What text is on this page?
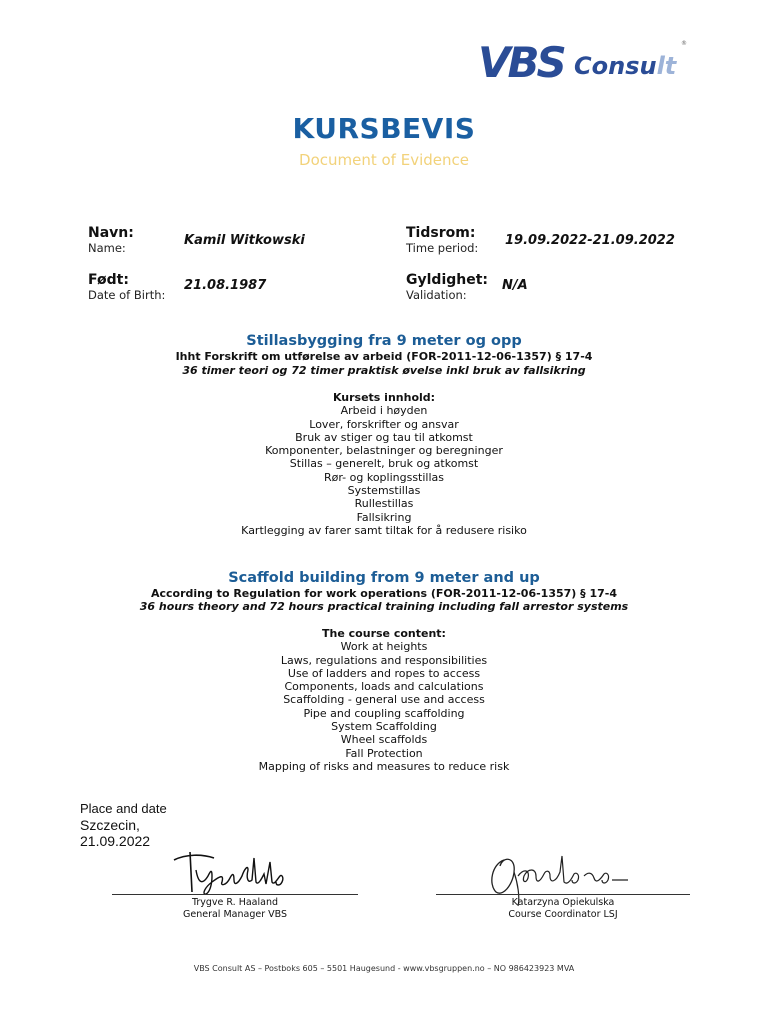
VBS Consult
®
KURSBEVIS
Document of Evidence
Navn:
Name:	Kamil Witkowski
Født:
Date of Birth:
21.08.1987
Tidsrom:
Time period: 19.09.2022-21.09.2022
Gyldighet:
Validation:
N/A
Stillasbygging fra 9 meter og opp
Ihht Forskrift om utførelse av arbeid (FOR-2011-12-06-1357) § 17-4
36 timer teori og 72 timer praktisk øvelse inkl bruk av fallsikring
Kursets innhold:
Arbeid i høyden
Lover, forskrifter og ansvar
Bruk av stiger og tau til atkomst
Komponenter, belastninger og beregninger
Stillas – generelt, bruk og atkomst
Rør- og koplingsstillas
Systemstillas
Rullestillas
Fallsikring
Kartlegging av farer samt tiltak for å redusere risiko
Scaffold building from 9 meter and up
According to Regulation for work operations (FOR-2011-12-06-1357) § 17-4
36 hours theory and 72 hours practical training including fall arrestor systems
The course content:
Work at heights
Laws, regulations and responsibilities
Use of ladders and ropes to access
Components, loads and calculations
Scaffolding - general use and access
Pipe and coupling scaffolding
System Scaffolding
Wheel scaffolds
Fall Protection
Mapping of risks and measures to reduce risk
Place and date
Szczecin,
21.09.2022
Trygve R. Haaland
General Manager VBS
Katarzyna Opiekulska
Course Coordinator LSJ
VBS Consult AS – Postboks 605 – 5501 Haugesund - www.vbsgruppen.no – NO 986423923 MVA
